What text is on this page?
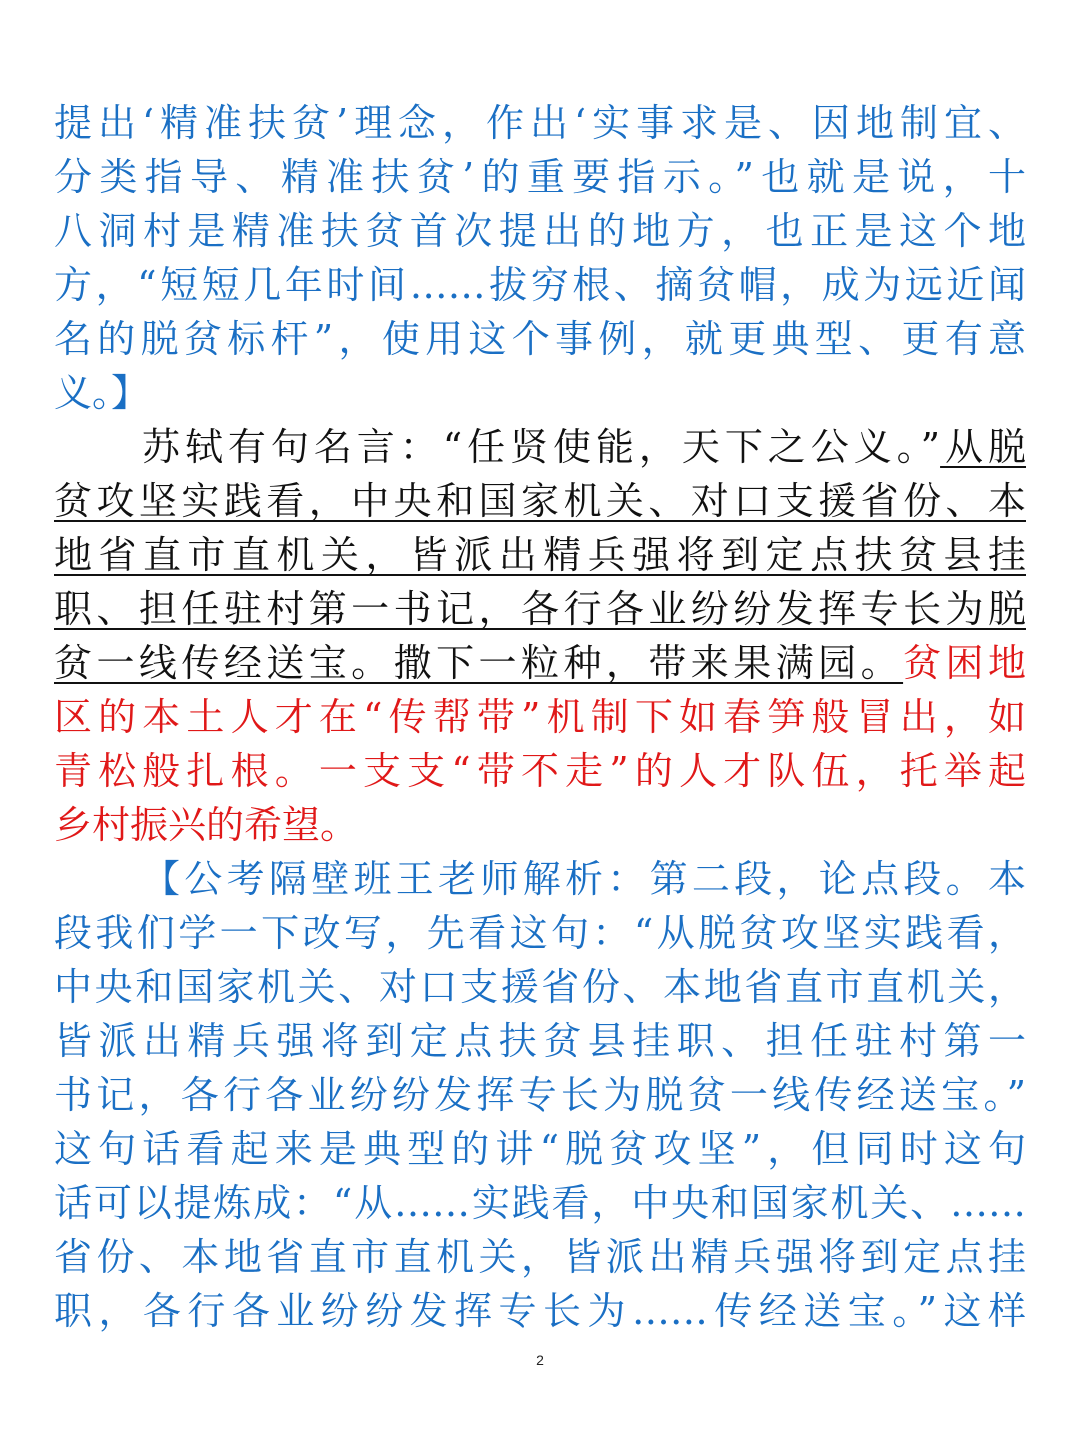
提出‘精准扶贫’理念，作出‘实事求是、因地制宜、
分类指导、精准扶贫’的重要指示。”也就是说，十
八洞村是精准扶贫首次提出的地方，也正是这个地
方，“短短几年时间……拔穷根、摘贫帽，成为远近闻
名的脱贫标杆”，使用这个事例，就更典型、更有意
义。】
苏轼有句名言：“任贤使能，天下之公义。”从脱
贫攻坚实践看，中央和国家机关、对口支援省份、本
地省直市直机关，皆派出精兵强将到定点扶贫县挂
职、担任驻村第一书记，各行各业纷纷发挥专长为脱
贫一线传经送宝。撒下一粒种，带来果满园。贫困地
区的本土人才在“传帮带”机制下如春笋般冒出，如
青松般扎根。一支支“带不走”的人才队伍，托举起
乡村振兴的希望。
【公考隔壁班王老师解析：第二段，论点段。本
段我们学一下改写，先看这句：“从脱贫攻坚实践看，
中央和国家机关、对口支援省份、本地省直市直机关，
皆派出精兵强将到定点扶贫县挂职、担任驻村第一
书记，各行各业纷纷发挥专长为脱贫一线传经送宝。”
这句话看起来是典型的讲“脱贫攻坚”，但同时这句
话可以提炼成：“从……实践看，中央和国家机关、……
省份、本地省直市直机关，皆派出精兵强将到定点挂
职，各行各业纷纷发挥专长为……传经送宝。”这样
2
